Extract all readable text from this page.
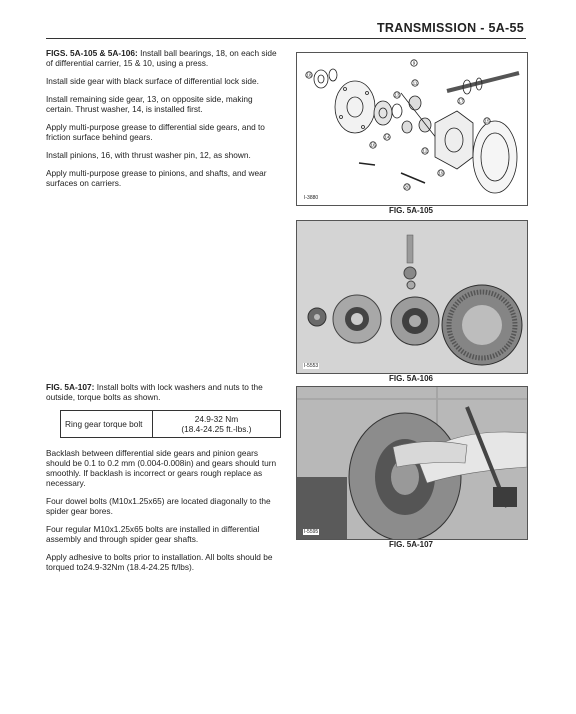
TRANSMISSION - 5A-55

FIGS. 5A-105 & 5A-106: Install ball bearings, 18, on each side of differential carrier, 15 & 10, using a press.

Install side gear with black surface of differential lock side.

Install remaining side gear, 13, on opposite side, making certain. Thrust washer, 14, is installed first.

Apply multi-purpose grease to differential side gears, and to friction surface behind gears.

Install pinions, 16, with thrust washer pin, 12, as shown.

Apply multi-purpose grease to pinions, and shafts, and wear surfaces on carriers.

FIG. 5A-107: Install bolts with lock washers and nuts to the outside, torque bolts as shown.

Ring gear torque bolt	24.9-32 Nm
(18.4-24.25 ft.-lbs.)

Backlash between differential side gears and pinion gears should be 0.1 to 0.2 mm (0.004-0.008in) and gears should turn smoothly. If backlash is incorrect or gears rough replace as necessary.

Four dowel bolts (M10x1.25x65) are located diagonally to the spider gear bores.

Four regular M10x1.25x65 bolts are installed in differential assembly and through spider gear shafts.

Apply adhesive to bolts prior to installation. All bolts should be torqued to24.9-32Nm (18.4-24.25 ft/lbs).

9
18
11
13
14
16
12
17
15
19
20
I-3880
FIG. 5A-105
I-5553
FIG. 5A-106
I-5595
FIG. 5A-107
